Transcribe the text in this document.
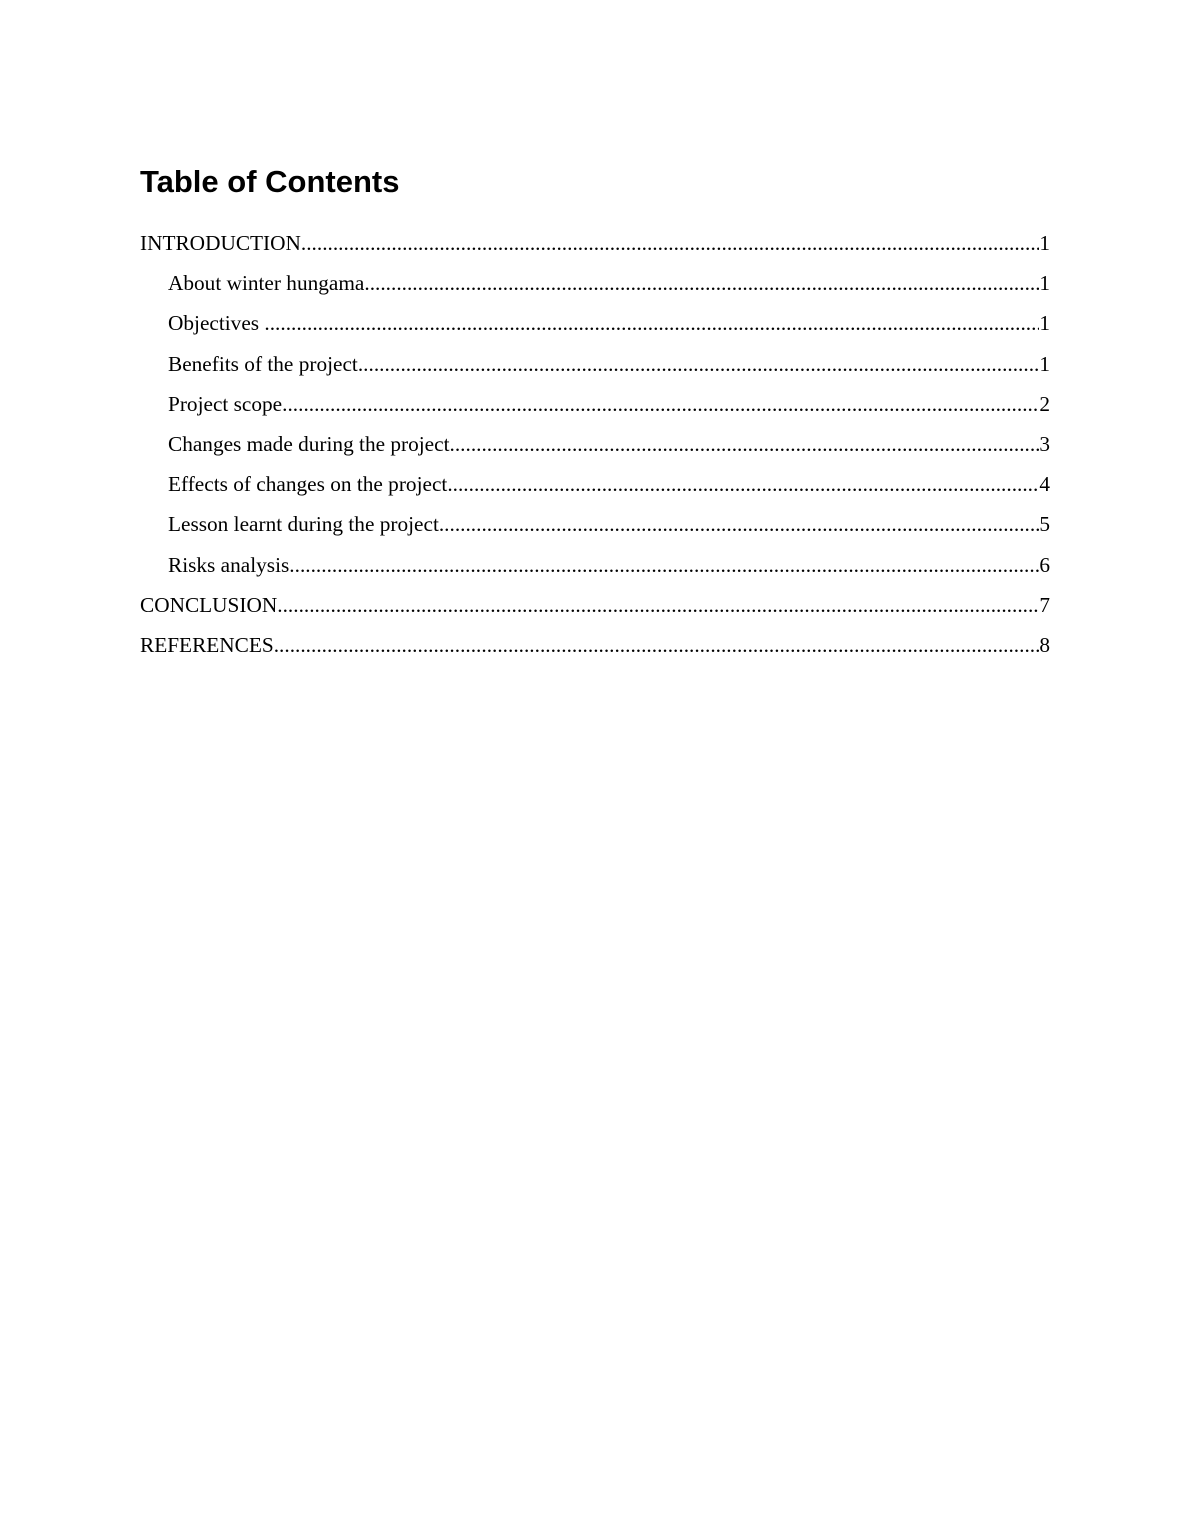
Table of Contents
INTRODUCTION .....	1
About winter hungama .....	1
Objectives .....	1
Benefits of the project .....	1
Project scope .....	2
Changes made during the project .....	3
Effects of changes on the project .....	4
Lesson learnt during the project .....	5
Risks analysis .....	6
CONCLUSION .....	7
REFERENCES .....	8
